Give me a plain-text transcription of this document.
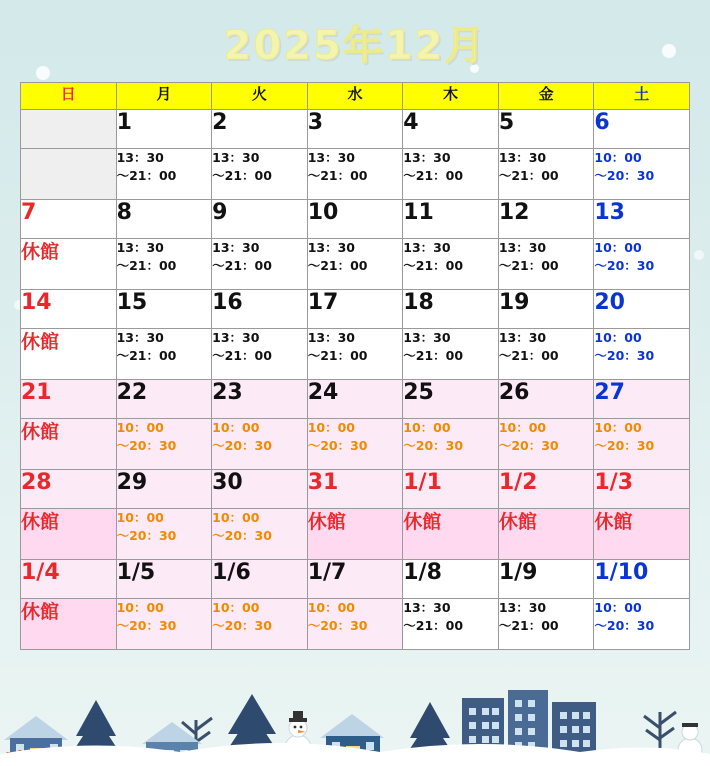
2025年12月
日	月	火	水	木	金	土
	1	2	3	4	5	6
	13：30
～21：00	13：30
～21：00	13：30
～21：00	13：30
～21：00	13：30
～21：00	10：00
～20：30
7	8	9	10	11	12	13
休館	13：30
～21：00	13：30
～21：00	13：30
～21：00	13：30
～21：00	13：30
～21：00	10：00
～20：30
14	15	16	17	18	19	20
休館	13：30
～21：00	13：30
～21：00	13：30
～21：00	13：30
～21：00	13：30
～21：00	10：00
～20：30
21	22	23	24	25	26	27
休館	10：00
～20：30	10：00
～20：30	10：00
～20：30	10：00
～20：30	10：00
～20：30	10：00
～20：30
28	29	30	31	1/1	1/2	1/3
休館	10：00
～20：30	10：00
～20：30	休館	休館	休館	休館
1/4	1/5	1/6	1/7	1/8	1/9	1/10
休館	10：00
～20：30	10：00
～20：30	10：00
～20：30	13：30
～21：00	13：30
～21：00	10：00
～20：30
